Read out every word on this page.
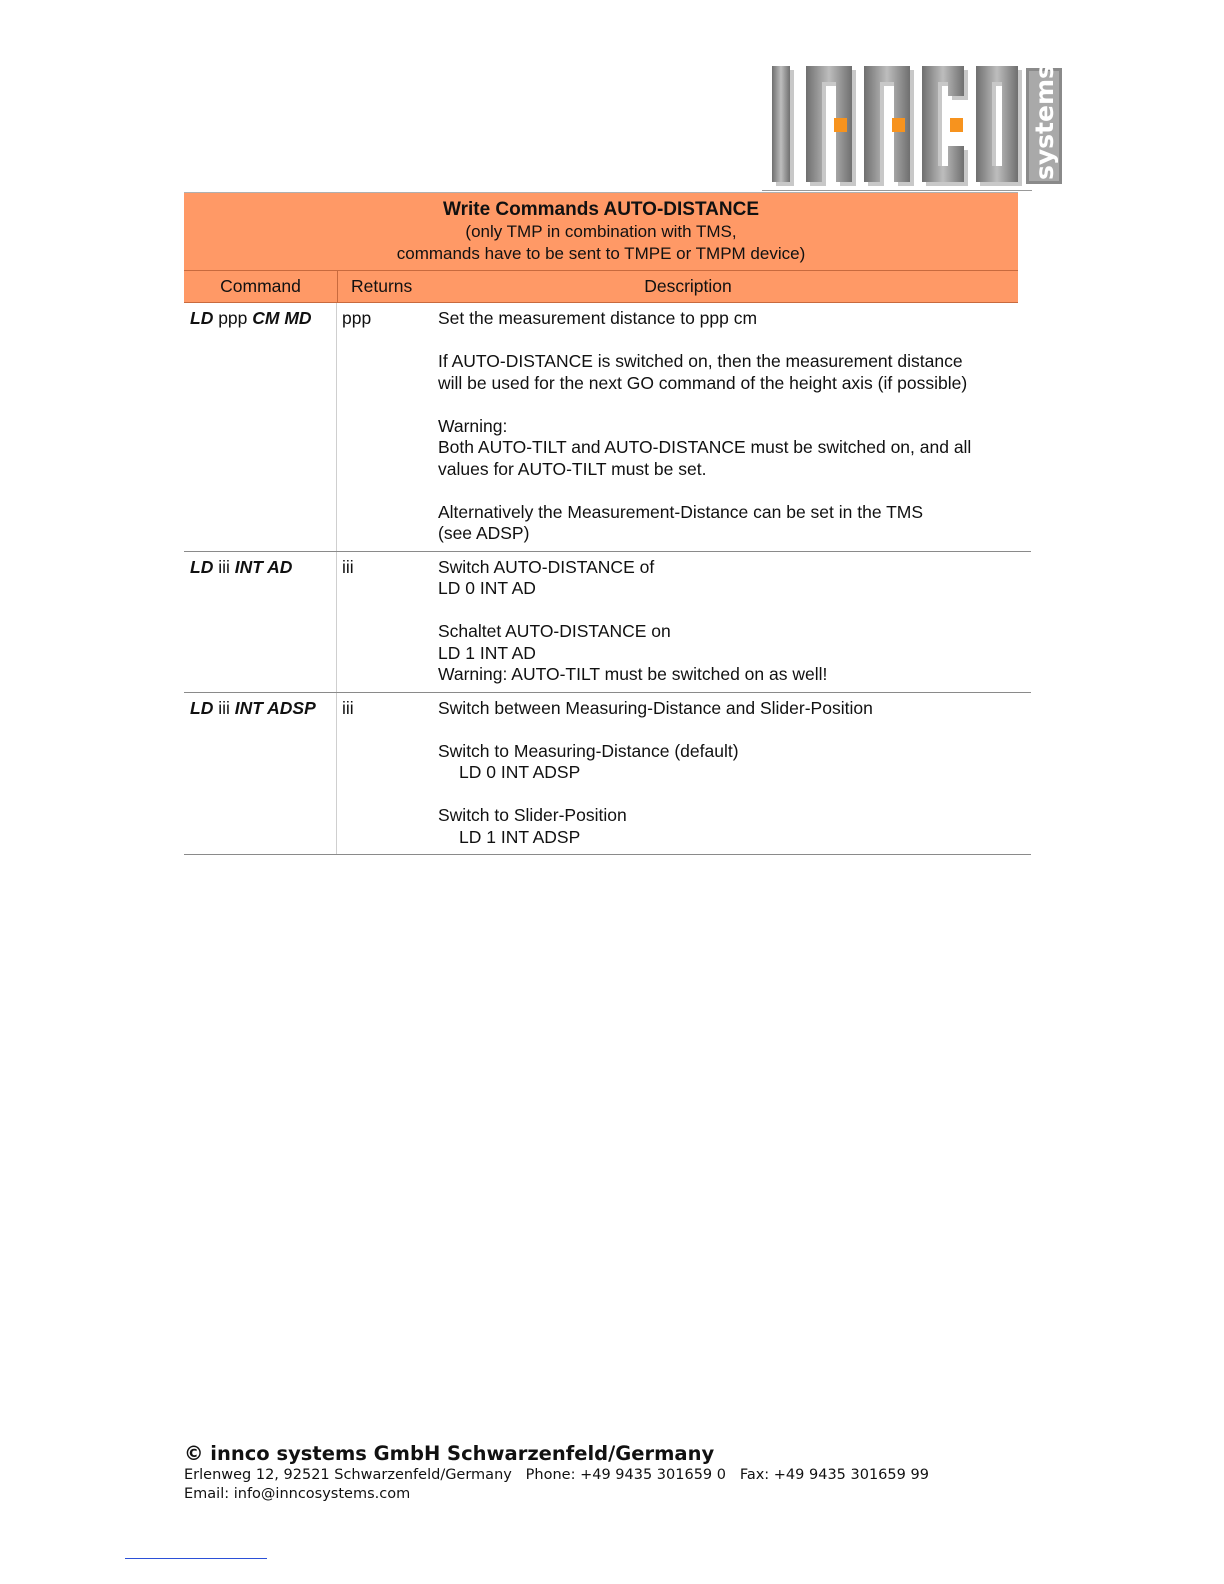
systems
Write Commands AUTO-DISTANCE
(only TMP in combination with TMS,
commands have to be sent to TMPE or TMPM device)
Command	Returns	Description
LD ppp CM MD	ppp	Set the measurement distance to ppp cm
If AUTO-DISTANCE is switched on, then the measurement distance
will be used for the next GO command of the height axis (if possible)
Warning:
Both AUTO-TILT and AUTO-DISTANCE must be switched on, and all
values for AUTO-TILT must be set.
Alternatively the Measurement-Distance can be set in the TMS
(see ADSP)
LD iii INT AD	iii	Switch AUTO-DISTANCE of
LD 0 INT AD
Schaltet AUTO-DISTANCE on
LD 1 INT AD
Warning: AUTO-TILT must be switched on as well!
LD iii INT ADSP	iii	Switch between Measuring-Distance and Slider-Position
Switch to Measuring-Distance (default)
LD 0 INT ADSP
Switch to Slider-Position
LD 1 INT ADSP
© innco systems GmbH Schwarzenfeld/Germany
Erlenweg 12, 92521 Schwarzenfeld/Germany   Phone: +49 9435 301659 0   Fax: +49 9435 301659 99
Email: info@inncosystems.com
